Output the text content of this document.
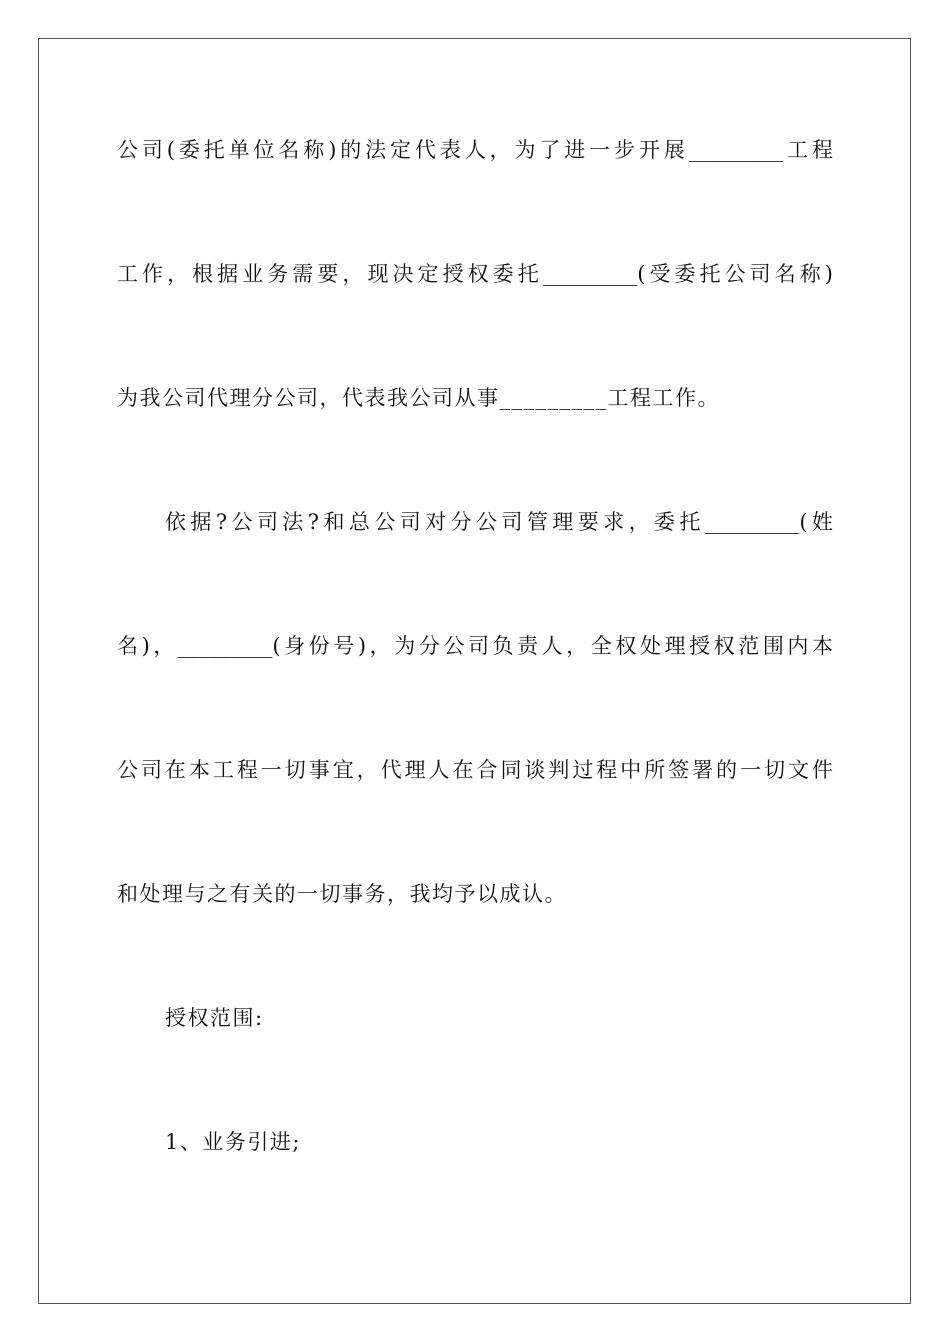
公司(委托单位名称)的法定代表人，为了进一步开展_________工程
工作，根据业务需要，现决定授权委托_________(受委托公司名称)
为我公司代理分公司，代表我公司从事_________工程工作。
依据?公司法?和总公司对分公司管理要求，委托_________(姓
名)，_________(身份号)，为分公司负责人，全权处理授权范围内本
公司在本工程一切事宜，代理人在合同谈判过程中所签署的一切文件
和处理与之有关的一切事务，我均予以成认。
授权范围:
1、业务引进;
